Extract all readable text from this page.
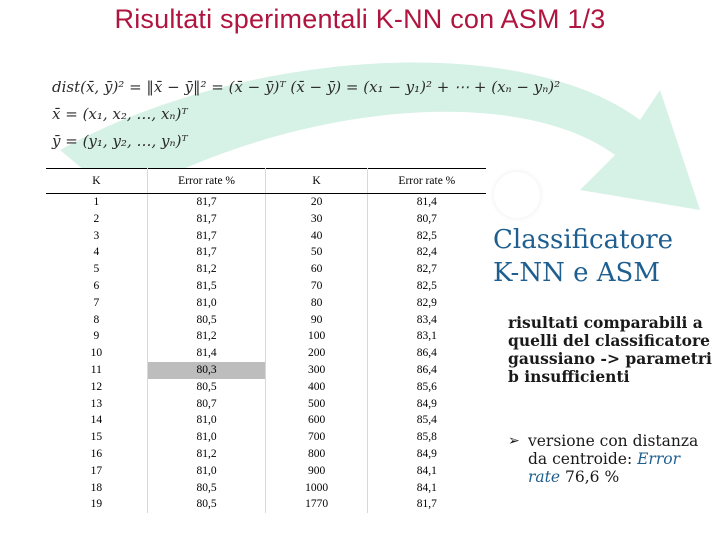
Risultati sperimentali K-NN con ASM 1/3
dist(x̄, ȳ)² = ‖x̄ − ȳ‖² = (x̄ − ȳ)ᵀ (x̄ − ȳ) = (x₁ − y₁)² + ⋯ + (xₙ − yₙ)²
x̄ = (x₁, x₂, …, xₙ)ᵀ
ȳ = (y₁, y₂, …, yₙ)ᵀ
K	Error rate %	K	Error rate %
1	81,7	20	81,4
2	81,7	30	80,7
3	81,7	40	82,5
4	81,7	50	82,4
5	81,2	60	82,7
6	81,5	70	82,5
7	81,0	80	82,9
8	80,5	90	83,4
9	81,2	100	83,1
10	81,4	200	86,4
11	80,3	300	86,4
12	80,5	400	85,6
13	80,7	500	84,9
14	81,0	600	85,4
15	81,0	700	85,8
16	81,2	800	84,9
17	81,0	900	84,1
18	80,5	1000	84,1
19	80,5	1770	81,7
Classificatore K-NN e ASM
risultati comparabili a quelli del classificatore gaussiano -> parametri b insufficienti
➢ versione con distanza da centroide: Error rate 76,6 %
